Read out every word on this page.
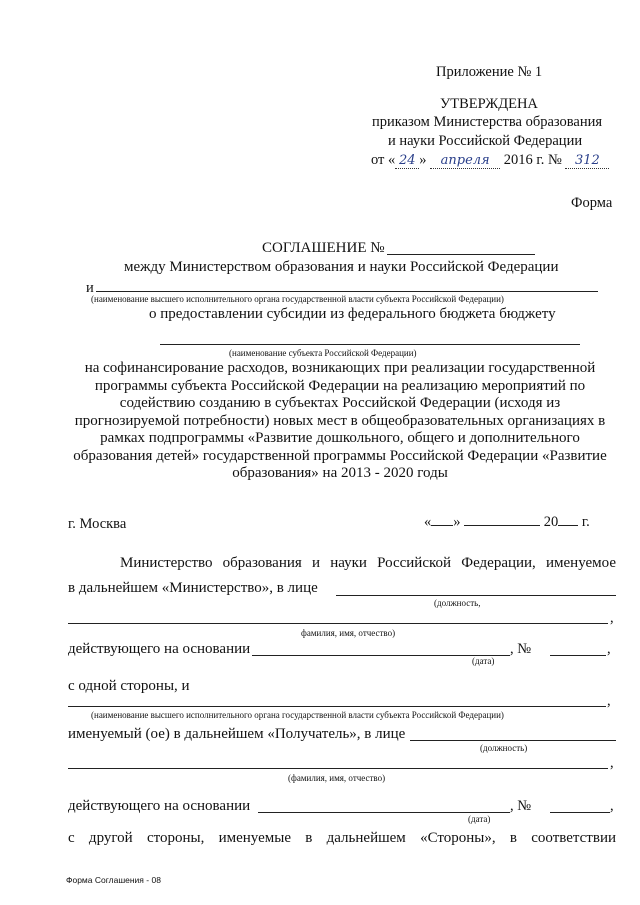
Приложение № 1
УТВЕРЖДЕНА
приказом Министерства образования
и науки Российской Федерации
от « 24 » апреля 2016 г. № 312
Форма
СОГЛАШЕНИЕ №
между Министерством образования и науки Российской Федерации
и
(наименование высшего исполнительного органа государственной власти субъекта Российской Федерации)
о предоставлении субсидии из федерального бюджета бюджету
(наименование субъекта Российской Федерации)
на софинансирование расходов, возникающих при реализации государственной
программы субъекта Российской Федерации на реализацию мероприятий по
содействию созданию в субъектах Российской Федерации (исходя из
прогнозируемой потребности) новых мест в общеобразовательных организациях в
рамках подпрограммы «Развитие дошкольного, общего и дополнительного
образования детей» государственной программы Российской Федерации «Развитие
образования» на 2013 - 2020 годы
г. Москва	« »	20 г.
Министерство образования и науки Российской Федерации, именуемое
в дальнейшем «Министерство», в лице
(должность,
,
фамилия, имя, отчество)
действующего на основании	, №	,
(дата)
с одной стороны, и
,
(наименование высшего исполнительного органа государственной власти субъекта Российской Федерации)
именуемый (ое) в дальнейшем «Получатель», в лице
(должность)
,
(фамилия, имя, отчество)
действующего на основании	, №	,
(дата)
с другой стороны, именуемые в дальнейшем «Стороны», в соответствии
Форма Соглашения - 08
